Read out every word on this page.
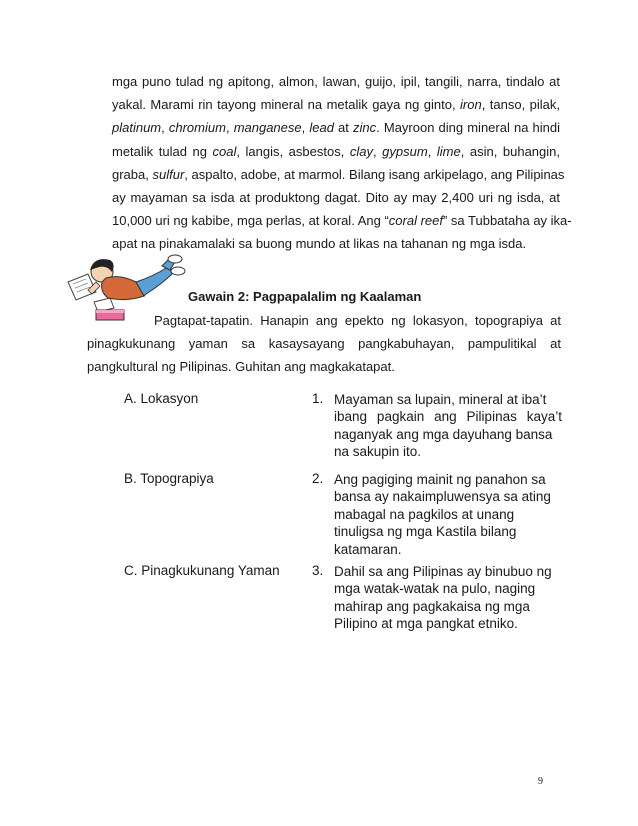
mga puno tulad ng apitong, almon, lawan, guijo, ipil, tangili, narra, tindalo at
yakal. Marami rin tayong mineral na metalik gaya ng ginto, iron, tanso, pilak,
platinum, chromium, manganese, lead at zinc. Mayroon ding mineral na hindi
metalik tulad ng coal, langis, asbestos, clay, gypsum, lime, asin, buhangin,
graba, sulfur, aspalto, adobe, at marmol. Bilang isang arkipelago, ang Pilipinas
ay mayaman sa isda at produktong dagat. Dito ay may 2,400 uri ng isda, at
10,000 uri ng kabibe, mga perlas, at koral. Ang “coral reef” sa Tubbataha ay ika-
apat na pinakamalaki sa buong mundo at likas na tahanan ng mga isda.
Gawain 2: Pagpapalalim ng Kaalaman
Pagtapat-tapatin. Hanapin ang epekto ng lokasyon, topograpiya at
pinagkukunang yaman sa kasaysayang pangkabuhayan, pampulitikal at
pangkultural ng Pilipinas. Guhitan ang magkakatapat.
A. Lokasyon
B. Topograpiya
C. Pinagkukunang Yaman
1. Mayaman sa lupain, mineral at iba’t
ibang pagkain ang Pilipinas kaya’t
naganyak ang mga dayuhang bansa
na sakupin ito.
2. Ang pagiging mainit ng panahon sa
bansa ay nakaimpluwensya sa ating
mabagal na pagkilos at unang
tinuligsa ng mga Kastila bilang
katamaran.
3. Dahil sa ang Pilipinas ay binubuo ng
mga watak-watak na pulo, naging
mahirap ang pagkakaisa ng mga
Pilipino at mga pangkat etniko.
9
